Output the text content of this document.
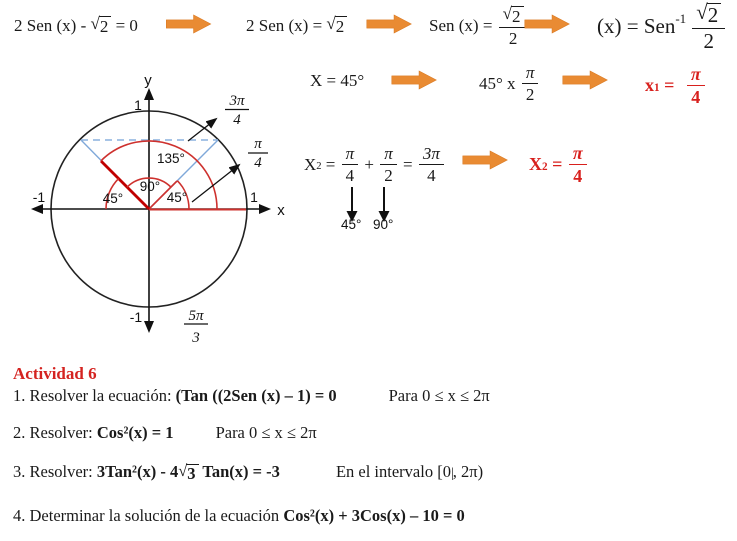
2 Sen (x) - √ 2 = 0	2 Sen (x) = √ 2	Sen $(x) = \frac{√ 2}{2}$	(x) = Sen $-1 \frac{√ 2}{2}$
X = 45°	45° x $\frac{\pi}{2}$	x $1 = \frac{\pi}{4}$
X $2 = \frac{\pi}{4} + \frac{\pi}{2} = \frac{3\pi}{4}$
45° 90°
X $2 = \frac{\pi}{4}$
45°
90°
45°
135°
y
x
1
-1	1
-1
3π
4
π
4
5π
3
Actividad 6
1. Resolver la ecuación: (Tan ((2Sen (x) – 1) = 0	Para 0 ≤ x ≤ 2π
2. Resolver: Cos²(x) = 1	Para 0 ≤ x ≤ 2π
3. Resolver: 3Tan²(x) - 4 √ 3 Tan(x) = -3	En el intervalo [0 | , 2π)
4. Determinar la solución de la ecuación Cos²(x) + 3Cos(x) – 10 = 0
